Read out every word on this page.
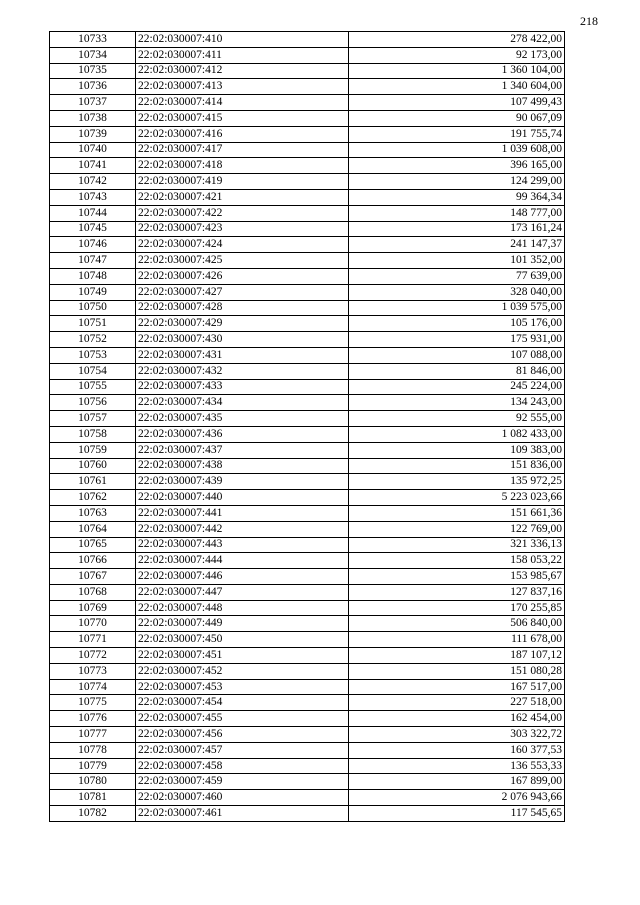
218
10733	22:02:030007:410	278 422,00
10734	22:02:030007:411	92 173,00
10735	22:02:030007:412	1 360 104,00
10736	22:02:030007:413	1 340 604,00
10737	22:02:030007:414	107 499,43
10738	22:02:030007:415	90 067,09
10739	22:02:030007:416	191 755,74
10740	22:02:030007:417	1 039 608,00
10741	22:02:030007:418	396 165,00
10742	22:02:030007:419	124 299,00
10743	22:02:030007:421	99 364,34
10744	22:02:030007:422	148 777,00
10745	22:02:030007:423	173 161,24
10746	22:02:030007:424	241 147,37
10747	22:02:030007:425	101 352,00
10748	22:02:030007:426	77 639,00
10749	22:02:030007:427	328 040,00
10750	22:02:030007:428	1 039 575,00
10751	22:02:030007:429	105 176,00
10752	22:02:030007:430	175 931,00
10753	22:02:030007:431	107 088,00
10754	22:02:030007:432	81 846,00
10755	22:02:030007:433	245 224,00
10756	22:02:030007:434	134 243,00
10757	22:02:030007:435	92 555,00
10758	22:02:030007:436	1 082 433,00
10759	22:02:030007:437	109 383,00
10760	22:02:030007:438	151 836,00
10761	22:02:030007:439	135 972,25
10762	22:02:030007:440	5 223 023,66
10763	22:02:030007:441	151 661,36
10764	22:02:030007:442	122 769,00
10765	22:02:030007:443	321 336,13
10766	22:02:030007:444	158 053,22
10767	22:02:030007:446	153 985,67
10768	22:02:030007:447	127 837,16
10769	22:02:030007:448	170 255,85
10770	22:02:030007:449	506 840,00
10771	22:02:030007:450	111 678,00
10772	22:02:030007:451	187 107,12
10773	22:02:030007:452	151 080,28
10774	22:02:030007:453	167 517,00
10775	22:02:030007:454	227 518,00
10776	22:02:030007:455	162 454,00
10777	22:02:030007:456	303 322,72
10778	22:02:030007:457	160 377,53
10779	22:02:030007:458	136 553,33
10780	22:02:030007:459	167 899,00
10781	22:02:030007:460	2 076 943,66
10782	22:02:030007:461	117 545,65
